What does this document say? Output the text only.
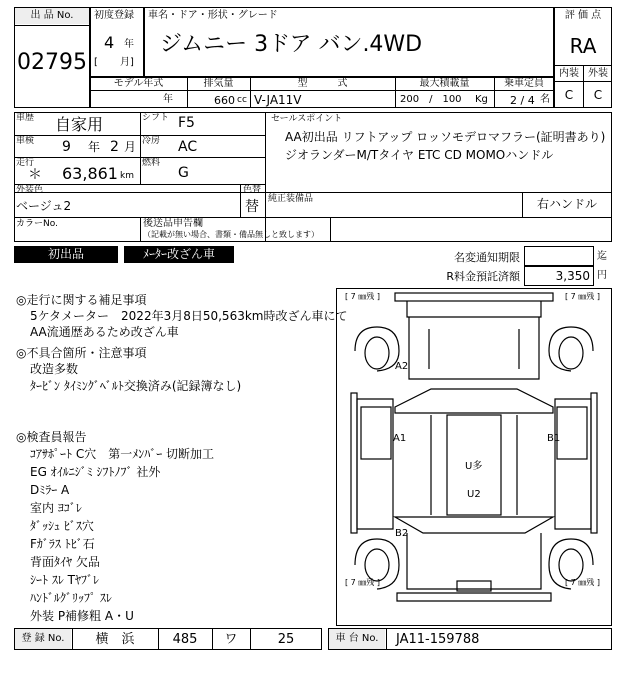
出 品 No.
02795
初度登録
4 年
[ 月]
車名・ドア・形状・グレード
ジムニー 3ドア バン.4WD
評 価 点
RA
内装 外装
C	C
モデル年式	排気量	型　　　式	最大積載量	乗車定員
年	660 cc V-JA11V	200　/　100 Kg 2 / 4 名
車歴 自家用	シフト F5
車検 9 年 2 月 冷房 AC
走行
＊ 63,861 km
燃料
G
外装色
ベージュ2
色替
替
カラーNo.
純正装備品	右ハンドル
後送品申告欄
（記載が無い場合、書類・備品無しと致します）
セールスポイント
AA初出品 リフトアップ ロッソモデロマフラー(証明書あり)
ジオランダーM/Tタイヤ ETC CD MOMOハンドル
初出品	ﾒｰﾀｰ改ざん車	名変通知期限	迄
R料金預託済額	3,350 円
◎走行に関する補足事項
5ケタメーター　2022年3月8日50,563km時改ざん車にて
AA流通歴あるため改ざん車
◎不具合箇所・注意事項
改造多数
ﾀｰﾋﾞﾝ ﾀｲﾐﾝｸﾞﾍﾞﾙﾄ交換済み(記録簿なし)
◎検査員報告
ｺｱｻﾎﾟｰﾄ C穴　第一ﾒﾝﾊﾞｰ 切断加工
EG ｵｲﾙﾆｼﾞﾐ ｼﾌﾄﾉﾌﾞ 社外
Dﾐﾗｰ A
室内 ﾖｺﾞﾚ
ﾀﾞｯｼｭ ﾋﾞｽ穴
Fｶﾞﾗｽ ﾄﾋﾞ石
背面ﾀｲﾔ 欠品
ｼｰﾄ ｽﾚ Tﾔﾌﾞﾚ
ﾊﾝﾄﾞﾙｸﾞﾘｯﾌﾟ ｽﾚ
外装 P補修粗 A・U
[ 7 ㎜残 ]	[ 7 ㎜残 ]
[ 7 ㎜残 ]	[ 7 ㎜残 ]
A2
A1	B1
B2
U多
U2
登 録 No.	横　浜	485	ワ	25	車 台 No.	JA11-159788
